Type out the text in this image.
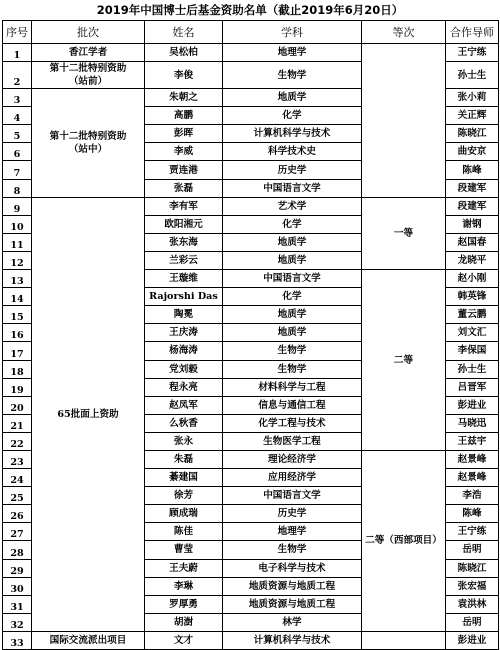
2019年中国博士后基金资助名单（截止2019年6月20日）
序号	批次	姓名	学科	等次	合作导师
1	香江学者	吴松柏	地理学		王宁练
2	第十二批特别资助
（站前）	李俊	生物学		孙士生
3	第十二批特别资助
（站中）	朱朝之	地质学		张小莉
4		高鹏	化学		关正辉
5		彭晖	计算机科学与技术		陈晓江
6		李威	科学技术史		曲安京
7		贾连港	历史学		陈峰
8		张磊	中国语言文学		段建军
9	65批面上资助	李有军	艺术学	一等	段建军
10		欧阳湘元	化学		谢钢
11		张东海	地质学		赵国春
12		兰彩云	地质学		龙晓平
13		王璇维	中国语言文学	二等	赵小刚
14		Rajorshi Das	化学		韩英锋
15		陶冕	地质学		董云鹏
16		王庆涛	地质学		刘文汇
17		杨海涛	生物学		李保国
18		党刘毅	生物学		孙士生
19		程永亮	材料科学与工程		吕晋军
20		赵凤军	信息与通信工程		彭进业
21		么秋香	化学工程与技术		马晓迅
22		张永	生物医学工程		王兹宇
23		朱磊	理论经济学	二等（西部项目）	赵景峰
24		綦建国	应用经济学		赵景峰
25		徐芳	中国语言文学		李浩
26		顾成瑞	历史学		陈峰
27		陈佳	地理学		王宁练
28		曹莹	生物学		岳明
29		王夫蔚	电子科学与技术		陈晓江
30		李琳	地质资源与地质工程		张宏福
31		罗厚勇	地质资源与地质工程		袁洪林
32		胡澍	林学		岳明
33	国际交流派出项目	文才	计算机科学与技术		彭进业
